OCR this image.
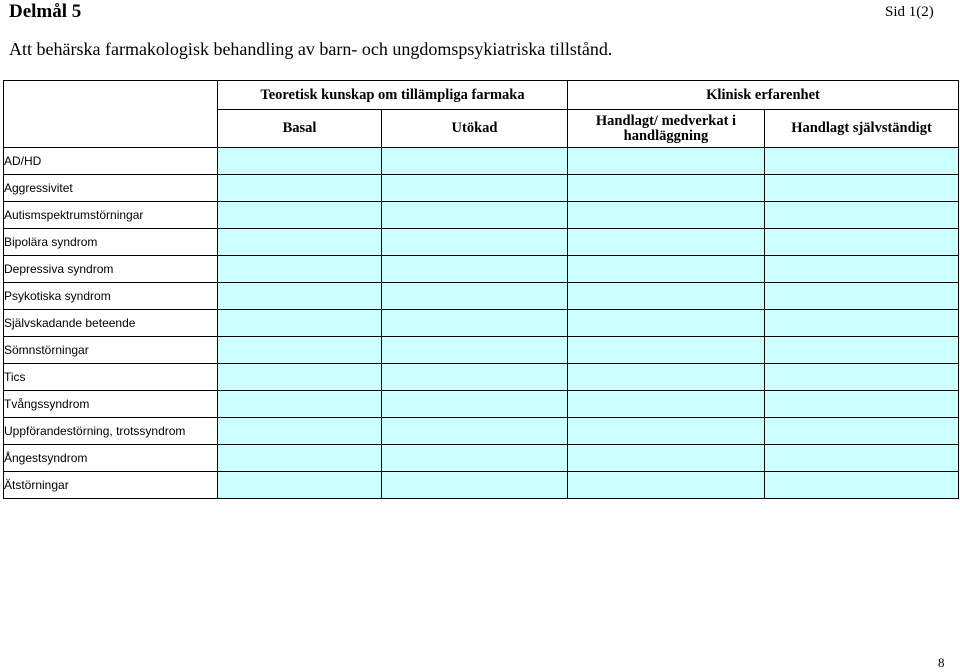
Delmål 5	Sid 1(2)
Att behärska farmakologisk behandling av barn- och ungdomspsykiatriska tillstånd.
	Teoretisk kunskap om tillämpliga farmaka		Klinisk erfarenhet	
	Basal	Utökad	Handlagt/ medverkat i handläggning	Handlagt självständigt
AD/HD				
Aggressivitet				
Autismspektrumstörningar				
Bipolära syndrom				
Depressiva syndrom				
Psykotiska syndrom				
Självskadande beteende				
Sömnstörningar				
Tics				
Tvångssyndrom				
Uppförandestörning, trotssyndrom				
Ångestsyndrom				
Ätstörningar				
8
